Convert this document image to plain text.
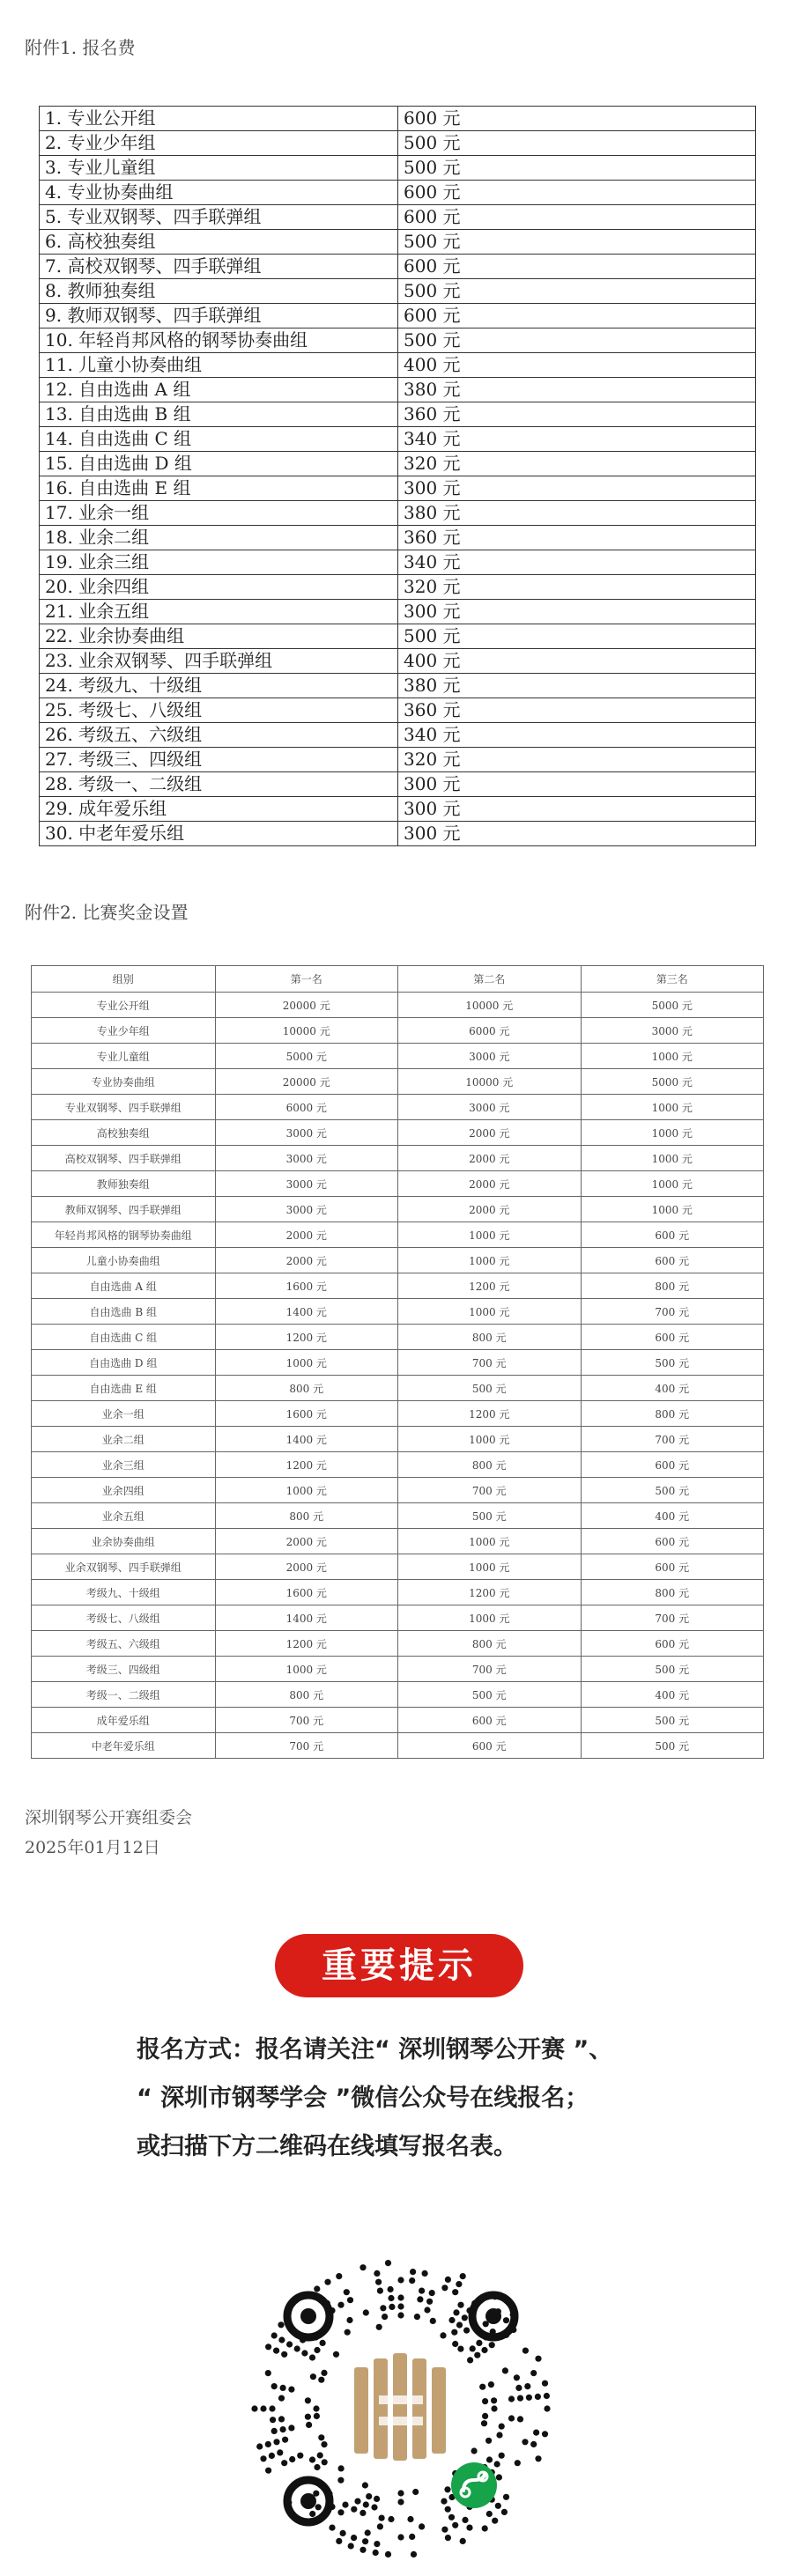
附件1. 报名费
1. 专业公开组	600 元
2. 专业少年组	500 元
3. 专业儿童组	500 元
4. 专业协奏曲组	600 元
5. 专业双钢琴、四手联弹组	600 元
6. 高校独奏组	500 元
7. 高校双钢琴、四手联弹组	600 元
8. 教师独奏组	500 元
9. 教师双钢琴、四手联弹组	600 元
10. 年轻肖邦风格的钢琴协奏曲组	500 元
11. 儿童小协奏曲组	400 元
12. 自由选曲 A 组	380 元
13. 自由选曲 B 组	360 元
14. 自由选曲 C 组	340 元
15. 自由选曲 D 组	320 元
16. 自由选曲 E 组	300 元
17. 业余一组	380 元
18. 业余二组	360 元
19. 业余三组	340 元
20. 业余四组	320 元
21. 业余五组	300 元
22. 业余协奏曲组	500 元
23. 业余双钢琴、四手联弹组	400 元
24. 考级九、十级组	380 元
25. 考级七、八级组	360 元
26. 考级五、六级组	340 元
27. 考级三、四级组	320 元
28. 考级一、二级组	300 元
29. 成年爱乐组	300 元
30. 中老年爱乐组	300 元
附件2. 比赛奖金设置
组别	第一名	第二名	第三名
专业公开组	20000 元	10000 元	5000 元
专业少年组	10000 元	6000 元	3000 元
专业儿童组	5000 元	3000 元	1000 元
专业协奏曲组	20000 元	10000 元	5000 元
专业双钢琴、四手联弹组	6000 元	3000 元	1000 元
高校独奏组	3000 元	2000 元	1000 元
高校双钢琴、四手联弹组	3000 元	2000 元	1000 元
教师独奏组	3000 元	2000 元	1000 元
教师双钢琴、四手联弹组	3000 元	2000 元	1000 元
年轻肖邦风格的钢琴协奏曲组	2000 元	1000 元	600 元
儿童小协奏曲组	2000 元	1000 元	600 元
自由选曲 A 组	1600 元	1200 元	800 元
自由选曲 B 组	1400 元	1000 元	700 元
自由选曲 C 组	1200 元	800 元	600 元
自由选曲 D 组	1000 元	700 元	500 元
自由选曲 E 组	800 元	500 元	400 元
业余一组	1600 元	1200 元	800 元
业余二组	1400 元	1000 元	700 元
业余三组	1200 元	800 元	600 元
业余四组	1000 元	700 元	500 元
业余五组	800 元	500 元	400 元
业余协奏曲组	2000 元	1000 元	600 元
业余双钢琴、四手联弹组	2000 元	1000 元	600 元
考级九、十级组	1600 元	1200 元	800 元
考级七、八级组	1400 元	1000 元	700 元
考级五、六级组	1200 元	800 元	600 元
考级三、四级组	1000 元	700 元	500 元
考级一、二级组	800 元	500 元	400 元
成年爱乐组	700 元	600 元	500 元
中老年爱乐组	700 元	600 元	500 元
深圳钢琴公开赛组委会
2025年01月12日
重要提示
报名方式：报名请关注“ 深圳钢琴公开赛 ”、
“ 深圳市钢琴学会 ”微信公众号在线报名；
或扫描下方二维码在线填写报名表。
